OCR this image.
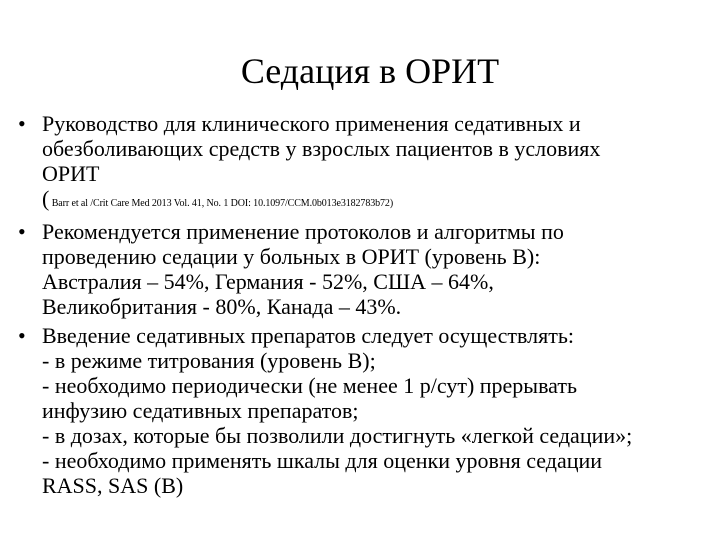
Седация в ОРИТ
• Руководство для клинического применения седативных и
обезболивающих средств у взрослых пациентов в условиях
ОРИТ
( Barr et al /Crit Care Med 2013 Vol. 41, No. 1 DOI: 10.1097/CCM.0b013e3182783b72)
• Рекомендуется применение протоколов и алгоритмы по
проведению седации у больных в ОРИТ (уровень В):
Австралия – 54%, Германия - 52%, США – 64%,
Великобритания - 80%, Канада – 43%.
• Введение седативных препаратов следует осуществлять:
- в режиме титрования (уровень В);
- необходимо периодически (не менее 1 р/сут) прерывать
инфузию седативных препаратов;
- в дозах, которые бы позволили достигнуть «легкой седации»;
- необходимо применять шкалы для оценки уровня седации
RASS, SAS (B)
